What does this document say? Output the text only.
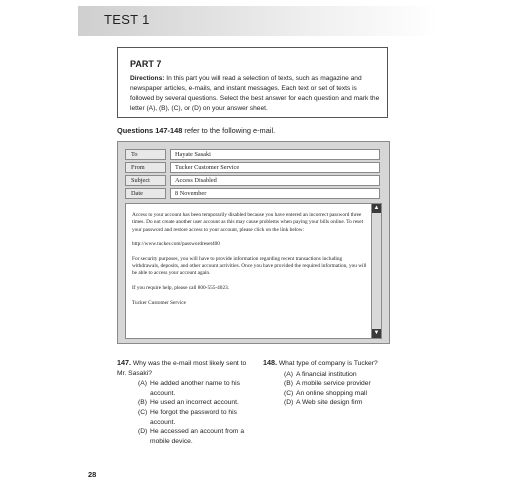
TEST 1
PART 7
Directions: In this part you will read a selection of texts, such as magazine and newspaper articles, e-mails, and instant messages. Each text or set of texts is followed by several questions. Select the best answer for each question and mark the letter (A), (B), (C), or (D) on your answer sheet.
Questions 147-148 refer to the following e-mail.
To	Hayate Sasaki
From	Tucker Customer Service
Subject	Access Disabled
Date	8 November

Access to your account has been temporarily disabled because you have entered an incorrect password three times. Do not create another user account as this may cause problems when paying your bills online. To reset your password and restore access to your account, please click on the link below:

http://www.tucker.com/passwordreset400

For security purposes, you will have to provide information regarding recent transactions including withdrawals, deposits, and other account activities. Once you have provided the required information, you will be able to access your account again.

If you require help, please call 800-555-4023.

Tucker Customer Service

▲
▼
147. Why was the e-mail most likely sent to Mr. Sasaki?
(A) He added another name to his account.
(B) He used an incorrect account.
(C) He forgot the password to his account.
(D) He accessed an account from a mobile device.
148. What type of company is Tucker?
(A) A financial institution
(B) A mobile service provider
(C) An online shopping mall
(D) A Web site design firm
28
